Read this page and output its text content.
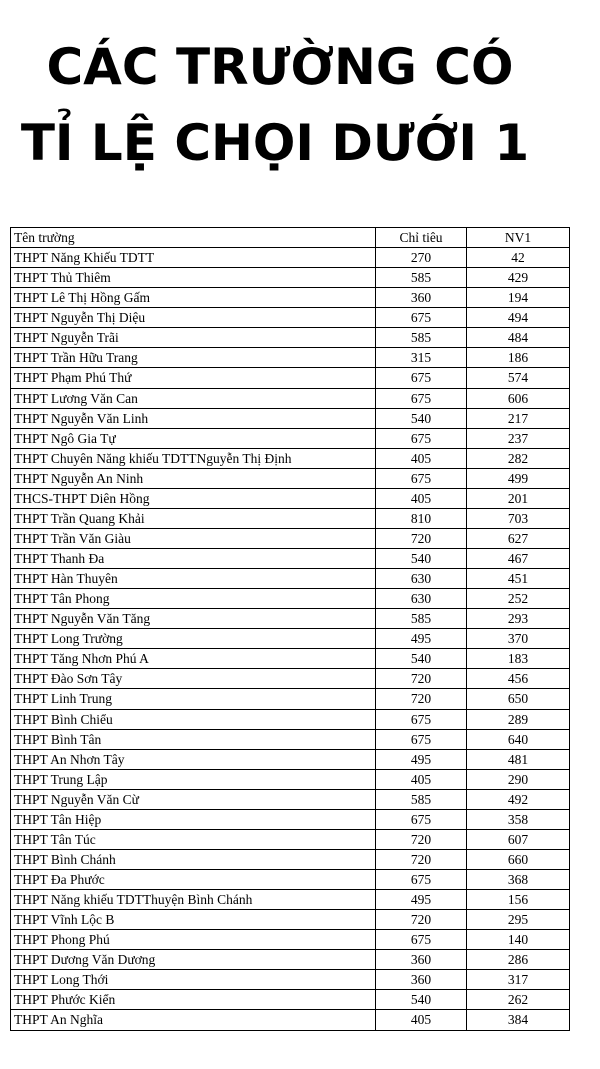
CÁC TRƯỜNG CÓ
TỈ LỆ CHỌI DƯỚI 1
Tên trường	Chỉ tiêu	NV1
THPT Năng Khiếu TDTT	270	42
THPT Thủ Thiêm	585	429
THPT Lê Thị Hồng Gấm	360	194
THPT Nguyễn Thị Diệu	675	494
THPT Nguyễn Trãi	585	484
THPT Trần Hữu Trang	315	186
THPT Phạm Phú Thứ	675	574
THPT Lương Văn Can	675	606
THPT Nguyễn Văn Linh	540	217
THPT Ngô Gia Tự	675	237
THPT Chuyên Năng khiếu TDTTNguyễn Thị Định	405	282
THPT Nguyễn An Ninh	675	499
THCS-THPT Diên Hồng	405	201
THPT Trần Quang Khải	810	703
THPT Trần Văn Giàu	720	627
THPT Thanh Đa	540	467
THPT Hàn Thuyên	630	451
THPT Tân Phong	630	252
THPT Nguyễn Văn Tăng	585	293
THPT Long Trường	495	370
THPT Tăng Nhơn Phú A	540	183
THPT Đào Sơn Tây	720	456
THPT Linh Trung	720	650
THPT Bình Chiểu	675	289
THPT Bình Tân	675	640
THPT An Nhơn Tây	495	481
THPT Trung Lập	405	290
THPT Nguyễn Văn Cừ	585	492
THPT Tân Hiệp	675	358
THPT Tân Túc	720	607
THPT Bình Chánh	720	660
THPT Đa Phước	675	368
THPT Năng khiếu TDTThuyện Bình Chánh	495	156
THPT Vĩnh Lộc B	720	295
THPT Phong Phú	675	140
THPT Dương Văn Dương	360	286
THPT Long Thới	360	317
THPT Phước Kiển	540	262
THPT An Nghĩa	405	384
